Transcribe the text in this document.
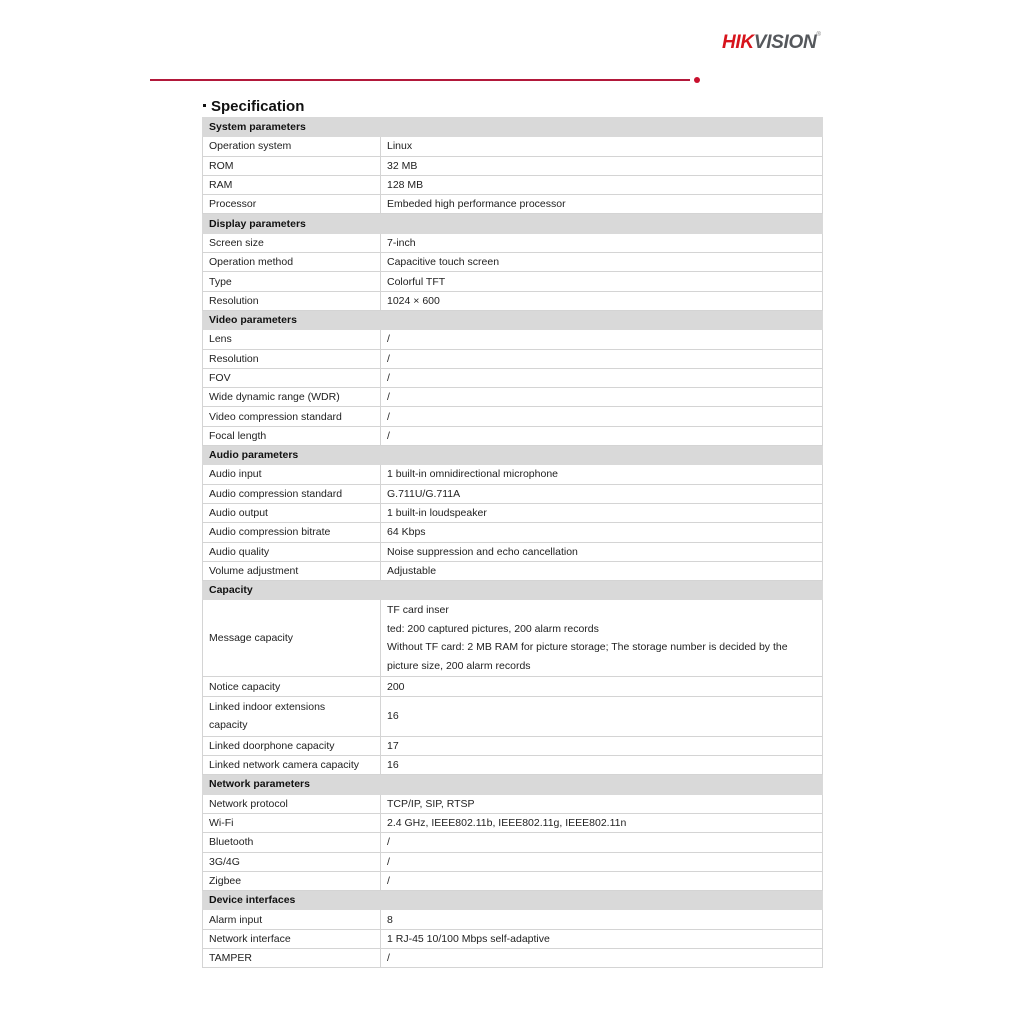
HIKVISION®
Specification
System parameters	
Operation system	Linux

ROM	32 MB

RAM	128 MB

Processor	Embeded high performance processor

Display parameters	
Screen size	7-inch

Operation method	Capacitive touch screen

Type	Colorful TFT

Resolution	1024 × 600

Video parameters	
Lens	/

Resolution	/

FOV	/

Wide dynamic range (WDR)	/

Video compression standard	/

Focal length	/

Audio parameters	
Audio input	1 built-in omnidirectional microphone

Audio compression standard	G.711U/G.711A

Audio output	1 built-in loudspeaker

Audio compression bitrate	64 Kbps

Audio quality	Noise suppression and echo cancellation

Volume adjustment	Adjustable

Capacity	
Message capacity	TF card inser
ted: 200 captured pictures, 200 alarm records
Without TF card: 2 MB RAM for picture storage; The storage number is decided by the
picture size, 200 alarm records

Notice capacity	200

Linked indoor extensions
capacity	16

Linked doorphone capacity	17

Linked network camera capacity	16

Network parameters	
Network protocol	TCP/IP, SIP, RTSP

Wi-Fi	2.4 GHz, IEEE802.11b, IEEE802.11g, IEEE802.11n

Bluetooth	/

3G/4G	/

Zigbee	/

Device interfaces	
Alarm input	8

Network interface	1 RJ-45 10/100 Mbps self-adaptive

TAMPER	/
